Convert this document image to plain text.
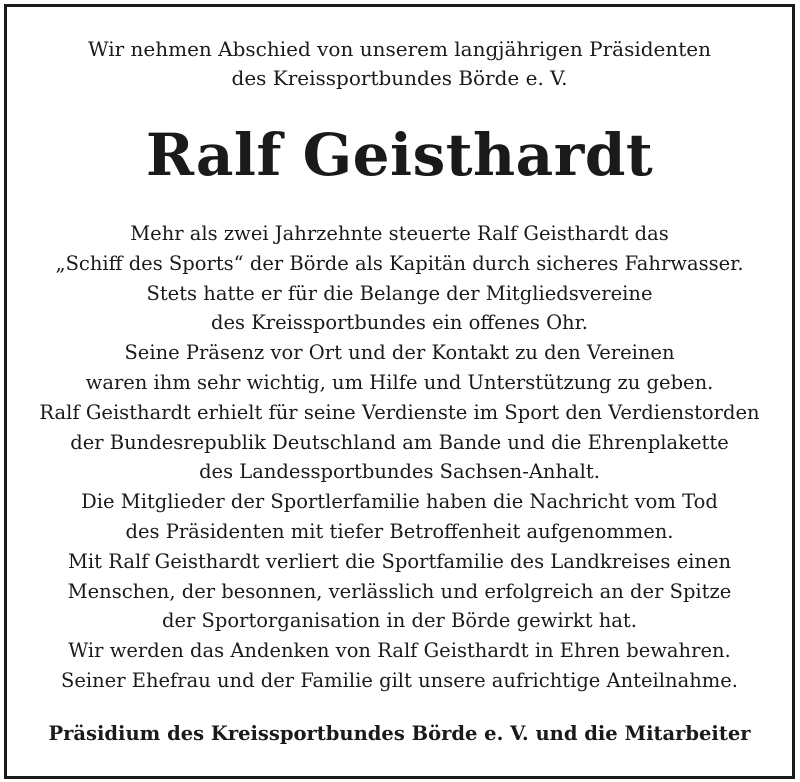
Wir nehmen Abschied von unserem langjährigen Präsidenten
des Kreissportbundes Börde e. V.
Ralf Geisthardt
Mehr als zwei Jahrzehnte steuerte Ralf Geisthardt das
„Schiff des Sports“ der Börde als Kapitän durch sicheres Fahrwasser.
Stets hatte er für die Belange der Mitgliedsvereine
des Kreissportbundes ein offenes Ohr.
Seine Präsenz vor Ort und der Kontakt zu den Vereinen
waren ihm sehr wichtig, um Hilfe und Unterstützung zu geben.
Ralf Geisthardt erhielt für seine Verdienste im Sport den Verdienstorden
der Bundesrepublik Deutschland am Bande und die Ehrenplakette
des Landessportbundes Sachsen-Anhalt.
Die Mitglieder der Sportlerfamilie haben die Nachricht vom Tod
des Präsidenten mit tiefer Betroffenheit aufgenommen.
Mit Ralf Geisthardt verliert die Sportfamilie des Landkreises einen
Menschen, der besonnen, verlässlich und erfolgreich an der Spitze
der Sportorganisation in der Börde gewirkt hat.
Wir werden das Andenken von Ralf Geisthardt in Ehren bewahren.
Seiner Ehefrau und der Familie gilt unsere aufrichtige Anteilnahme.
Präsidium des Kreissportbundes Börde e. V. und die Mitarbeiter
